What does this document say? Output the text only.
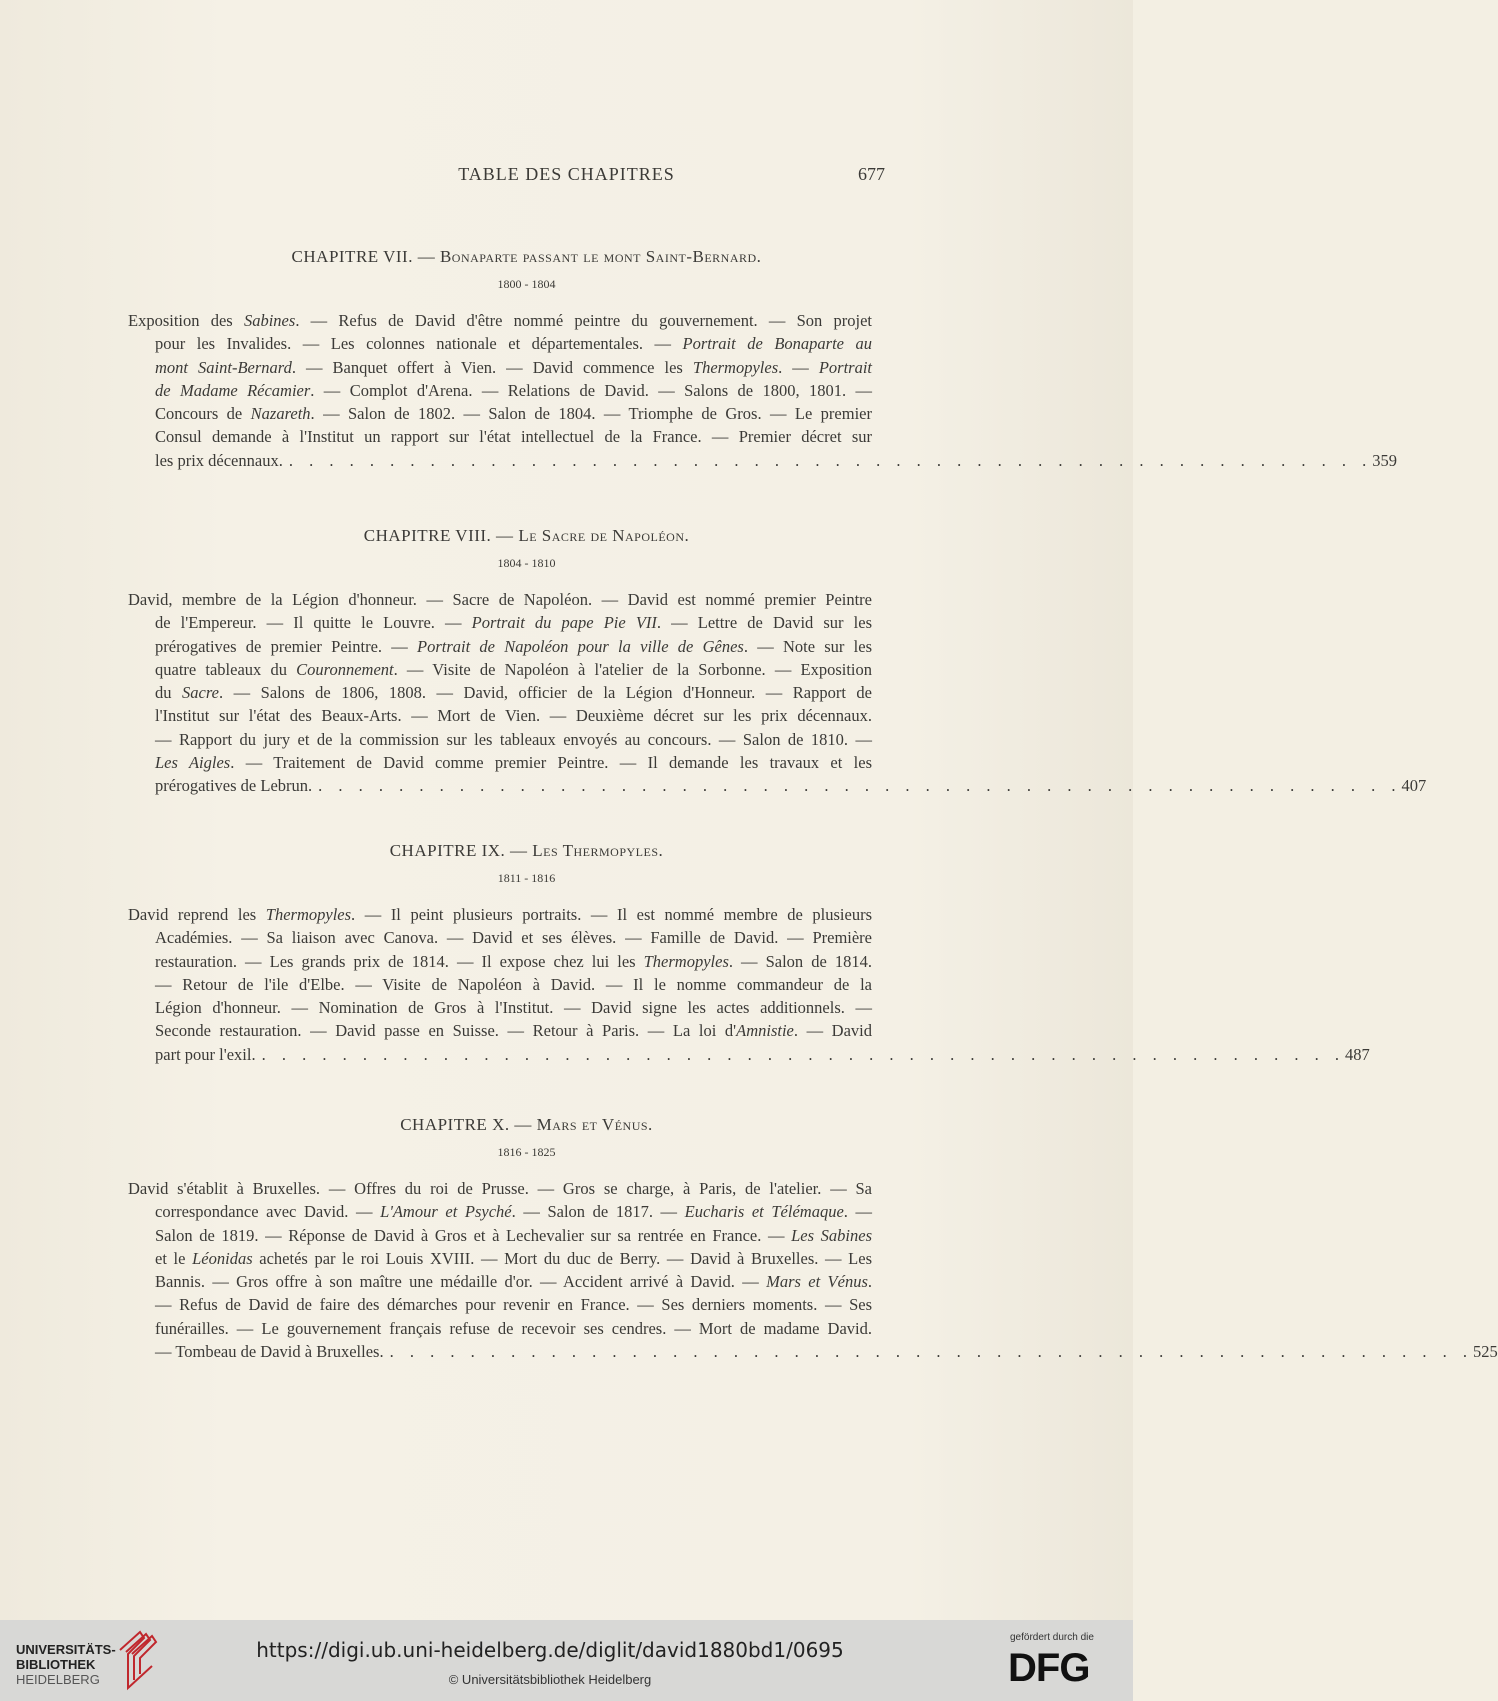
TABLE DES CHAPITRES	677
CHAPITRE VII. — Bonaparte passant le mont Saint-Bernard.
1800 - 1804
Exposition des Sabines. — Refus de David d'être nommé peintre du gouvernement. — Son projet
pour les Invalides. — Les colonnes nationale et départementales. — Portrait de Bonaparte au
mont Saint-Bernard. — Banquet offert à Vien. — David commence les Thermopyles. — Portrait
de Madame Récamier. — Complot d'Arena. — Relations de David. — Salons de 1800, 1801. —
Concours de Nazareth. — Salon de 1802. — Salon de 1804. — Triomphe de Gros. — Le premier
Consul demande à l'Institut un rapport sur l'état intellectuel de la France. — Premier décret sur
les prix décennaux. . . . . . . . . . . . . . . . . . . . . . . . . . . . . . . . . . . . . . . . . . . . . . . . . . . . . . . 359
CHAPITRE VIII. — Le Sacre de Napoléon.
1804 - 1810
David, membre de la Légion d'honneur. — Sacre de Napoléon. — David est nommé premier Peintre
de l'Empereur. — Il quitte le Louvre. — Portrait du pape Pie VII. — Lettre de David sur les
prérogatives de premier Peintre. — Portrait de Napoléon pour la ville de Gênes. — Note sur les
quatre tableaux du Couronnement. — Visite de Napoléon à l'atelier de la Sorbonne. — Exposition
du Sacre. — Salons de 1806, 1808. — David, officier de la Légion d'Honneur. — Rapport de
l'Institut sur l'état des Beaux-Arts. — Mort de Vien. — Deuxième décret sur les prix décennaux.
— Rapport du jury et de la commission sur les tableaux envoyés au concours. — Salon de 1810. —
Les Aigles. — Traitement de David comme premier Peintre. — Il demande les travaux et les
prérogatives de Lebrun. . . . . . . . . . . . . . . . . . . . . . . . . . . . . . . . . . . . . . . . . . . . . . . . . . . . . . . 407
CHAPITRE IX. — Les Thermopyles.
1811 - 1816
David reprend les Thermopyles. — Il peint plusieurs portraits. — Il est nommé membre de plusieurs
Académies. — Sa liaison avec Canova. — David et ses élèves. — Famille de David. — Première
restauration. — Les grands prix de 1814. — Il expose chez lui les Thermopyles. — Salon de 1814.
— Retour de l'ile d'Elbe. — Visite de Napoléon à David. — Il le nomme commandeur de la
Légion d'honneur. — Nomination de Gros à l'Institut. — David signe les actes additionnels. —
Seconde restauration. — David passe en Suisse. — Retour à Paris. — La loi d'Amnistie. — David
part pour l'exil. . . . . . . . . . . . . . . . . . . . . . . . . . . . . . . . . . . . . . . . . . . . . . . . . . . . . . . 487
CHAPITRE X. — Mars et Vénus.
1816 - 1825
David s'établit à Bruxelles. — Offres du roi de Prusse. — Gros se charge, à Paris, de l'atelier. — Sa
correspondance avec David. — L'Amour et Psyché. — Salon de 1817. — Eucharis et Télémaque. —
Salon de 1819. — Réponse de David à Gros et à Lechevalier sur sa rentrée en France. — Les Sabines
et le Léonidas achetés par le roi Louis XVIII. — Mort du duc de Berry. — David à Bruxelles. — Les
Bannis. — Gros offre à son maître une médaille d'or. — Accident arrivé à David. — Mars et Vénus.
— Refus de David de faire des démarches pour revenir en France. — Ses derniers moments. — Ses
funérailles. — Le gouvernement français refuse de recevoir ses cendres. — Mort de madame David.
— Tombeau de David à Bruxelles. . . . . . . . . . . . . . . . . . . . . . . . . . . . . . . . . . . . . . . . . . . . . . . . . . . . . . . 525
UNIVERSITÄTS-
BIBLIOTHEK
HEIDELBERG
https://digi.ub.uni-heidelberg.de/diglit/david1880bd1/0695
© Universitätsbibliothek Heidelberg
gefördert durch die
DFG
